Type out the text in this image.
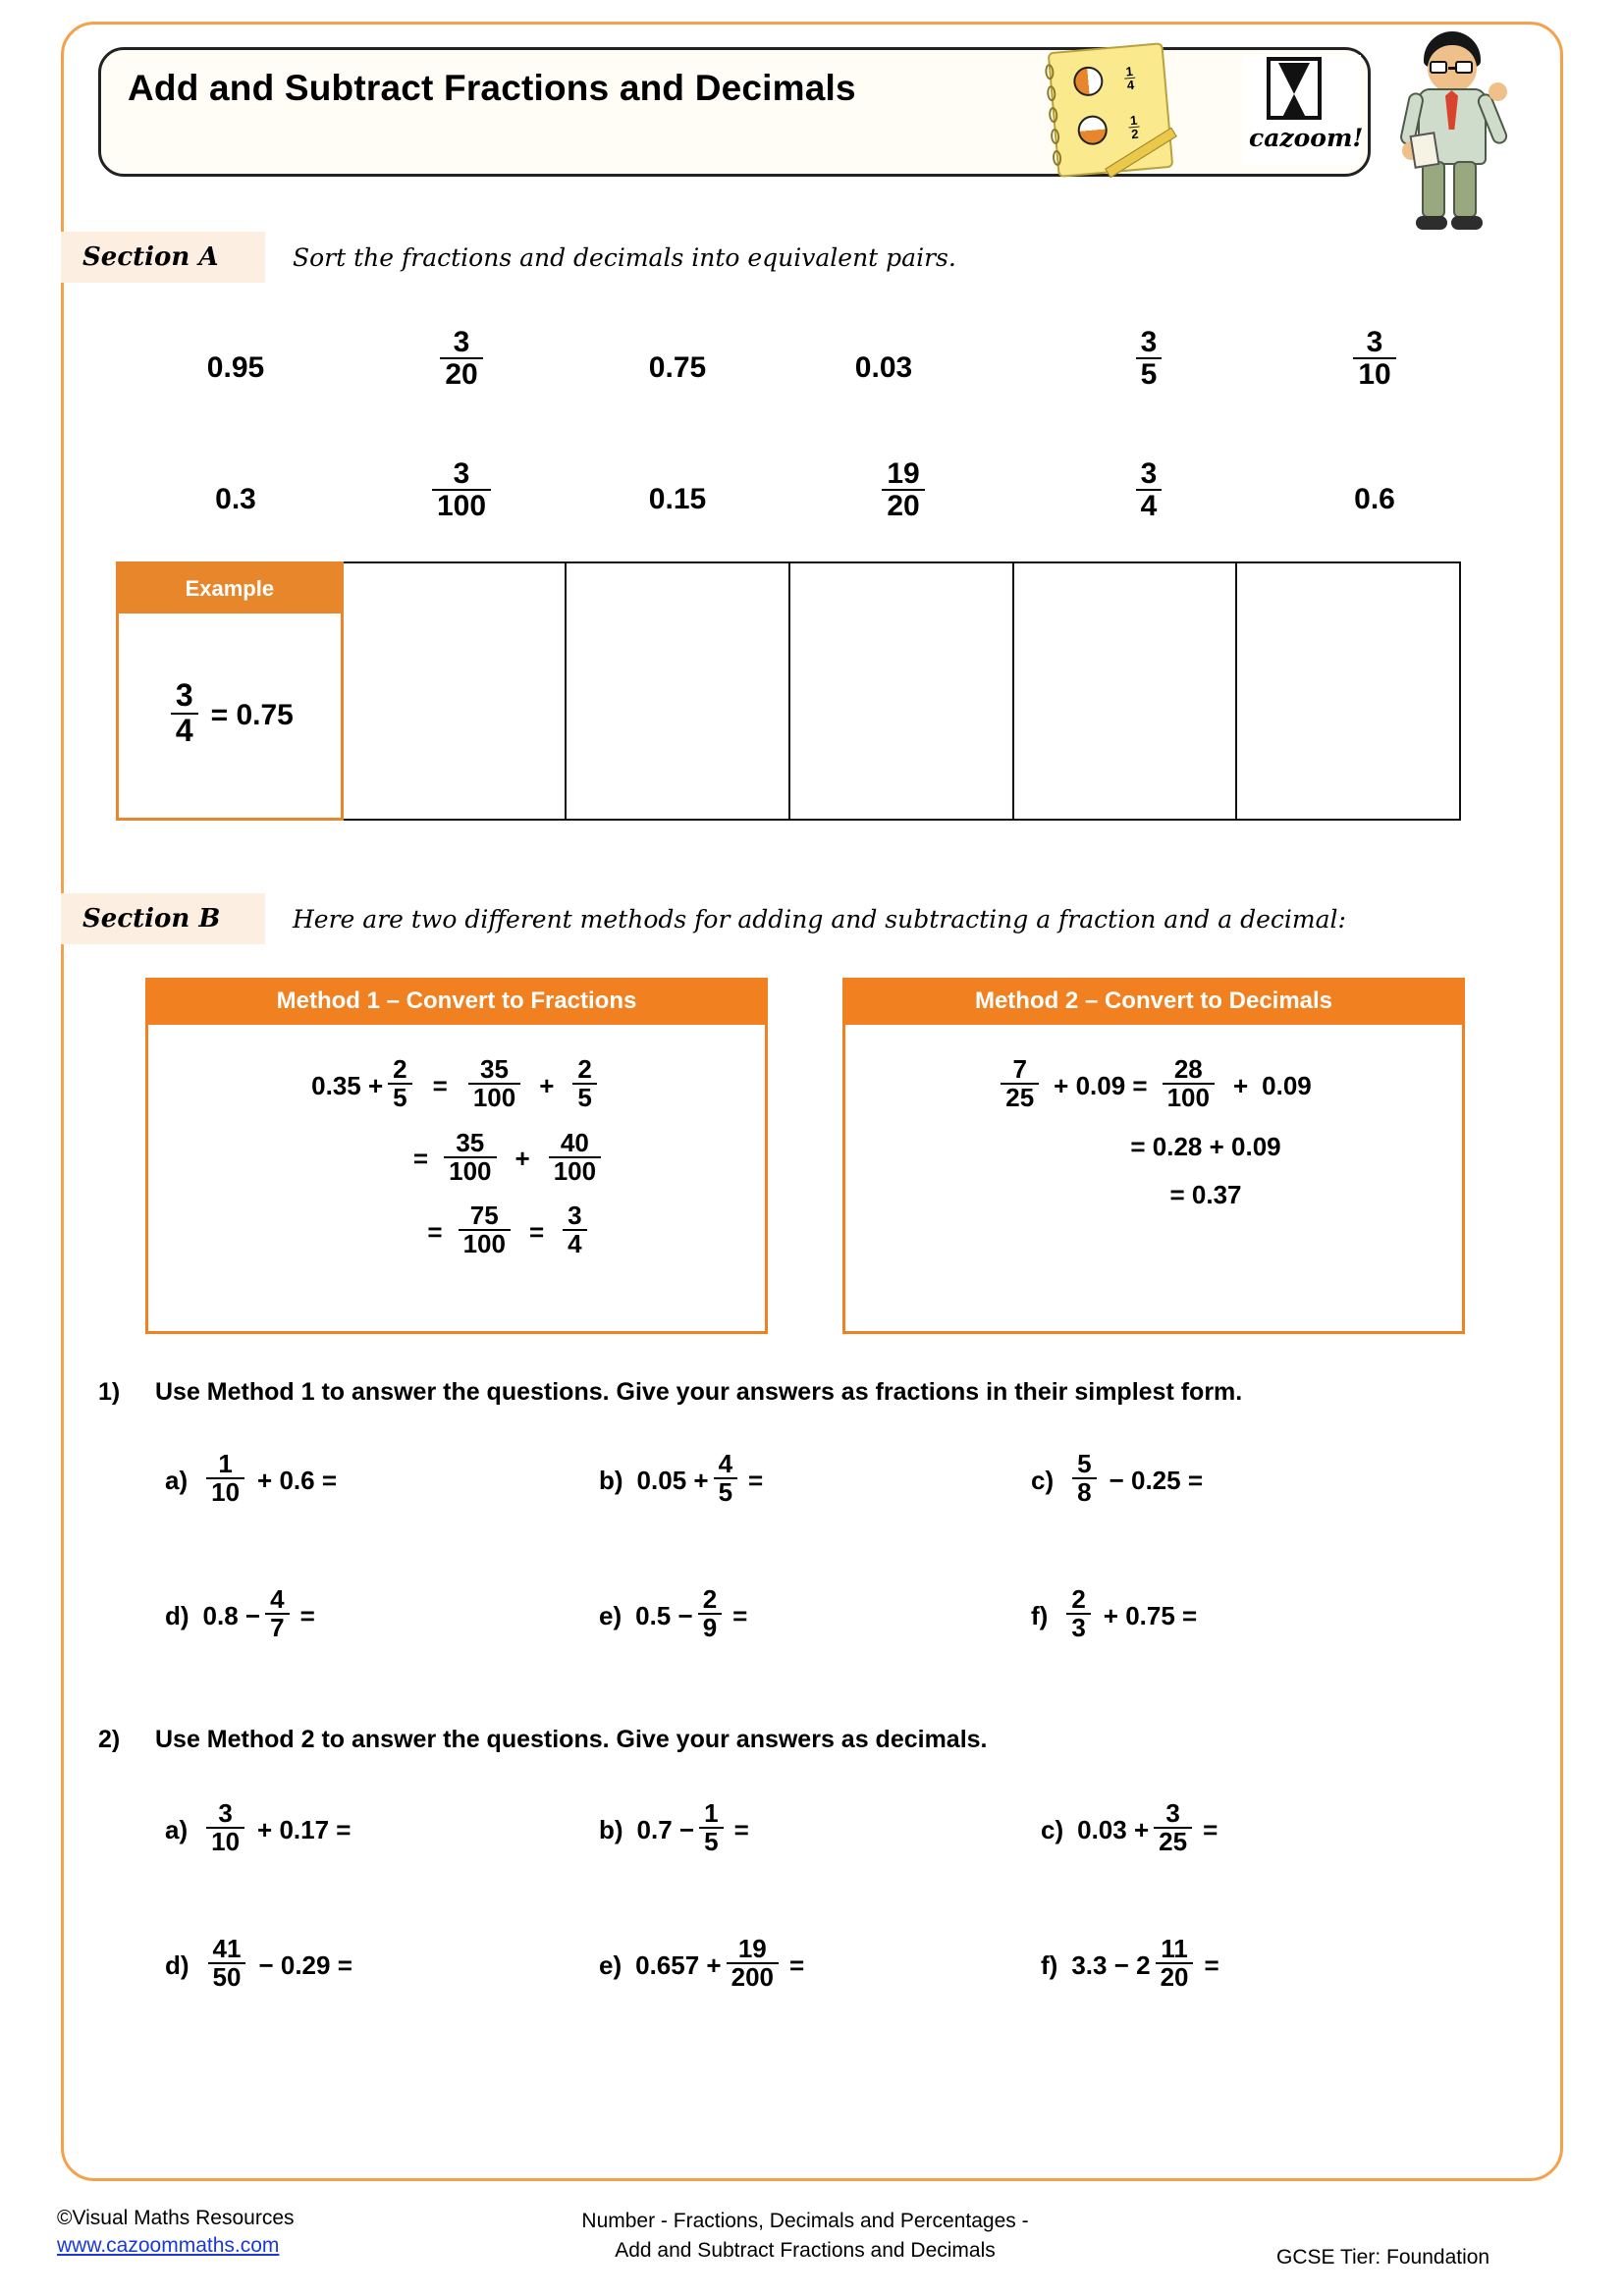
Add and Subtract Fractions and Decimals	$\frac{1}{4}$
$\frac{1}{2}$	cazoom!
Section A	Sort the fractions and decimals into equivalent pairs.
0.95	$\frac{3}{20}$	0.75	0.03	$\frac{3}{5}$	$\frac{3}{10}$
0.3	$\frac{3}{100}$	0.15	$\frac{19}{20}$	$\frac{3}{4}$	0.6
Example
$\frac{3}{4} = 0.75$
Section B	Here are two different methods for adding and subtracting a fraction and a decimal:
Method 1 – Convert to Fractions
$0.35 + \frac{2}{5} = \frac{35}{100} + \frac{2}{5}$
= $\frac{35}{100} + \frac{40}{100}$
= $\frac{75}{100} = \frac{3}{4}$
Method 2 – Convert to Decimals
$\frac{7}{25} + 0.09 = \frac{28}{100} + 0.09$
= 0.28 + 0.09
= 0.37
1) Use Method 1 to answer the questions. Give your answers as fractions in their simplest form.
$a) \frac{1}{10} + 0.6$ =	b) $0.05 + \frac{4}{5}$ =	$c) \frac{5}{8} - 0.25$ =
d) $0.8 - \frac{4}{7}$ =	e) $0.5 - \frac{2}{9}$ =	$f) \frac{2}{3} + 0.75$ =
2) Use Method 2 to answer the questions. Give your answers as decimals.
$a) \frac{3}{10} + 0.17$ =	b) $0.7 - \frac{1}{5}$ =	c) $0.03 + \frac{3}{25}$ =
$d) \frac{41}{50} - 0.29$ =	e) $0.657 + \frac{19}{200}$ =	f) $3.3 - 2 \frac{11}{20}$ =
©Visual Maths Resources
www.cazoommaths.com
Number - Fractions, Decimals and Percentages -
Add and Subtract Fractions and Decimals	GCSE Tier: Foundation
